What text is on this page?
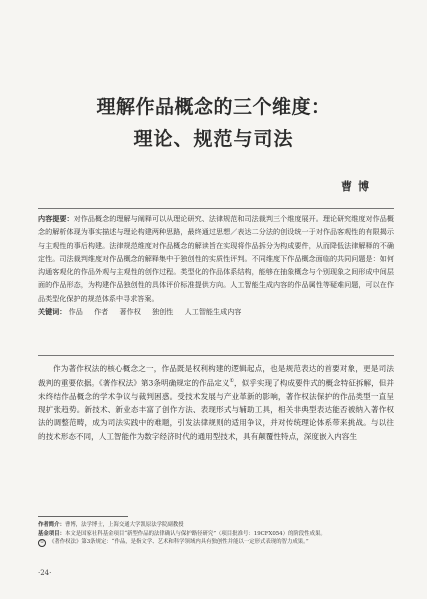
理解作品概念的三个维度：
理论、规范与司法
曹博
内容提要：对作品概念的理解与阐释可以从理论研究、法律规范和司法裁判三个维度展开。理论研究维度对作品概念的解析体现为事实描述与理论构建两种思路，最终通过思想／表达二分法的创设统一于对作品客观性的有限揭示与主观性的事后构建。法律规范维度对作品概念的解读旨在实现将作品拆分为构成要件，从而降低法律解释的不确定性。司法裁判维度对作品概念的解释集中于独创性的实质性评判。不同维度下作品概念面临的共同问题是：如何沟通客观化的作品外观与主观性的创作过程。类型化的作品体系结构，能够在抽象概念与个别现象之间形成中间层面的作品形态，为构建作品独创性的具体评价标准提供方向。人工智能生成内容的作品属性等疑难问题，可以在作品类型化保护的规范体系中寻求答案。
关键词： 作品 作者 著作权 独创性 人工智能生成内容
作为著作权法的核心概念之一，作品既是权利构建的逻辑起点，也是规范表达的首要对象，更是司法裁判的重要依据。《著作权法》第3条明确规定的作品定义①，似乎实现了构成要件式的概念特征拆解，但并未终结作品概念的学术争议与裁判困惑。受技术发展与产业革新的影响，著作权法保护的作品类型一直呈现扩张趋势。新技术、新业态丰富了创作方法、表现形式与辅助工具，相关非典型表达能否被纳入著作权法的调整范畴，成为司法实践中的难题，引发法律规则的适用争议，并对传统理论体系带来挑战。与以往的技术形态不同，人工智能作为数字经济时代的通用型技术，具有颠覆性特点，深度嵌入内容生
作者简介：曹博，法学博士，上海交通大学凯原法学院副教授
基金项目：本文是国家社科基金项目“新型作品的法律确认与保护路径研究”（项目批准号：19CFX054）的阶段性成果。
① 《著作权法》第3条规定：“作品，是指文学、艺术和科学领域内具有独创性并能以一定形式表现的智力成果。”
·24·
